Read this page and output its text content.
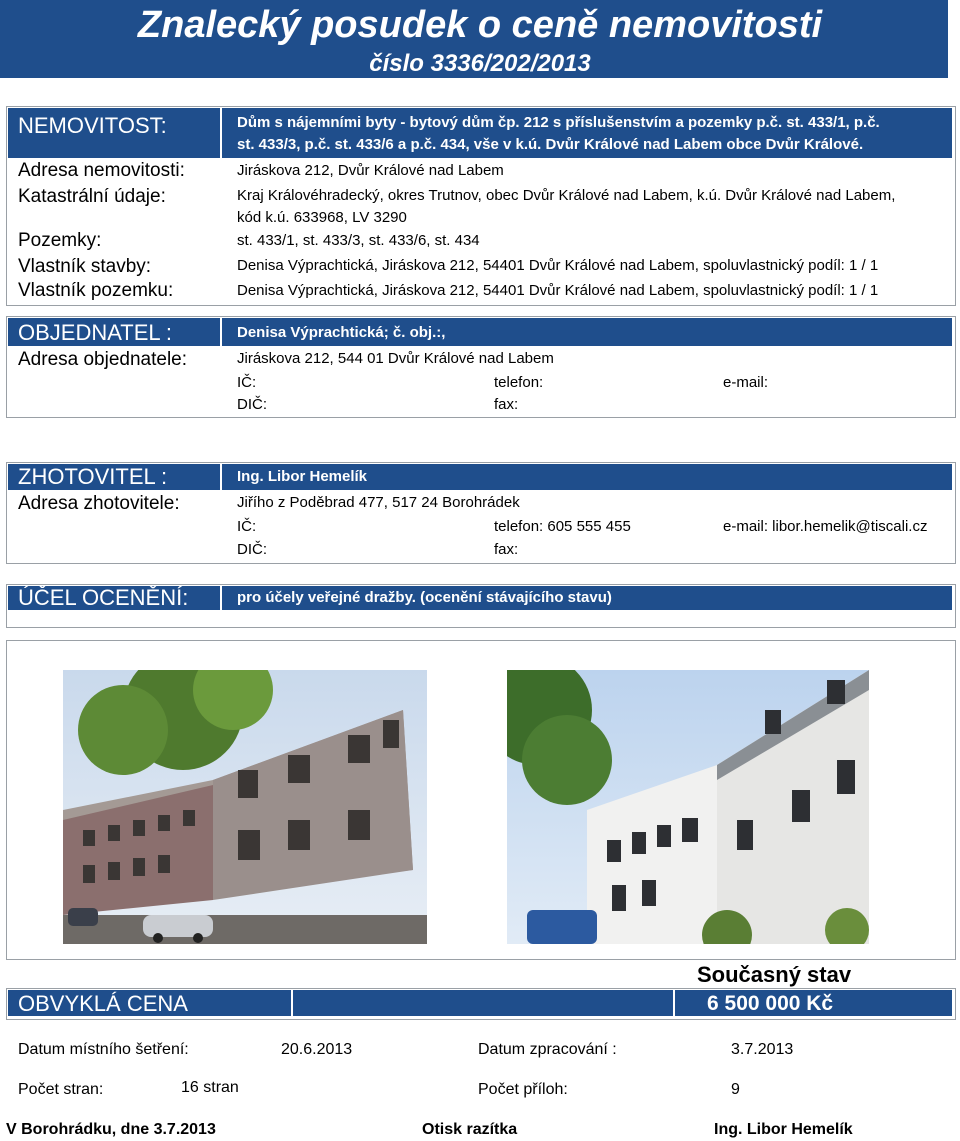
Znalecký posudek o ceně nemovitosti
číslo 3336/202/2013
NEMOVITOST:	Dům s nájemními byty - bytový dům čp. 212 s příslušenstvím a pozemky p.č. st. 433/1, p.č.
st. 433/3, p.č. st. 433/6 a p.č. 434, vše v k.ú. Dvůr Králové nad Labem obce Dvůr Králové.
Adresa nemovitosti:	Jiráskova 212, Dvůr Králové nad Labem
Katastrální údaje:	Kraj Královéhradecký, okres Trutnov, obec Dvůr Králové nad Labem, k.ú. Dvůr Králové nad Labem,
kód k.ú. 633968, LV 3290
Pozemky:	st. 433/1, st. 433/3, st. 433/6, st. 434
Vlastník stavby:	Denisa Výprachtická, Jiráskova 212, 54401 Dvůr Králové nad Labem, spoluvlastnický podíl: 1 / 1
Vlastník pozemku:	Denisa Výprachtická, Jiráskova 212, 54401 Dvůr Králové nad Labem, spoluvlastnický podíl: 1 / 1
OBJEDNATEL :	Denisa Výprachtická; č. obj.:,
Adresa objednatele:	Jiráskova 212, 544 01 Dvůr Králové nad Labem
IČ:	telefon:	e-mail:
DIČ:	fax:
ZHOTOVITEL :	Ing. Libor Hemelík
Adresa zhotovitele:	Jiřího z Poděbrad 477, 517 24 Borohrádek
IČ:	telefon: 605 555 455	e-mail: libor.hemelik@tiscali.cz
DIČ:	fax:
ÚČEL OCENĚNÍ:	pro účely veřejné dražby. (ocenění stávajícího stavu)
Současný stav
OBVYKLÁ CENA	6 500 000 Kč
Datum místního šetření:	20.6.2013	Datum zpracování :	3.7.2013
Počet stran:	16 stran	Počet příloh:	9
V Borohrádku, dne 3.7.2013	Otisk razítka	Ing. Libor Hemelík
